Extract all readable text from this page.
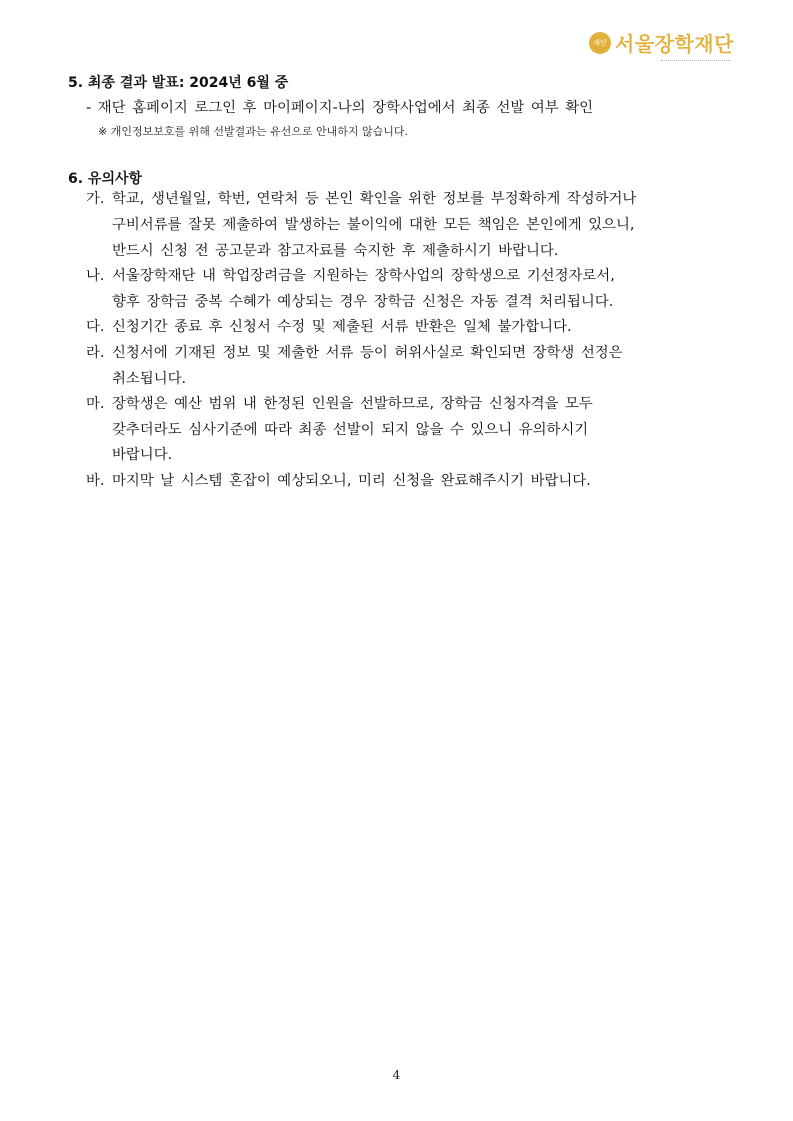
재단 서울장학재단
5. 최종 결과 발표: 2024년 6월 중
- 재단 홈페이지 로그인 후 마이페이지-나의 장학사업에서 최종 선발 여부 확인
※ 개인정보보호를 위해 선발결과는 유선으로 안내하지 않습니다.
6. 유의사항
가. 학교, 생년월일, 학번, 연락처 등 본인 확인을 위한 정보를 부정확하게 작성하거나
구비서류를 잘못 제출하여 발생하는 불이익에 대한 모든 책임은 본인에게 있으니,
반드시 신청 전 공고문과 참고자료를 숙지한 후 제출하시기 바랍니다.
나. 서울장학재단 내 학업장려금을 지원하는 장학사업의 장학생으로 기선정자로서,
향후 장학금 중복 수혜가 예상되는 경우 장학금 신청은 자동 결격 처리됩니다.
다. 신청기간 종료 후 신청서 수정 및 제출된 서류 반환은 일체 불가합니다.
라. 신청서에 기재된 정보 및 제출한 서류 등이 허위사실로 확인되면 장학생 선정은
취소됩니다.
마. 장학생은 예산 범위 내 한정된 인원을 선발하므로, 장학금 신청자격을 모두
갖추더라도 심사기준에 따라 최종 선발이 되지 않을 수 있으니 유의하시기
바랍니다.
바. 마지막 날 시스템 혼잡이 예상되오니, 미리 신청을 완료해주시기 바랍니다.
4
